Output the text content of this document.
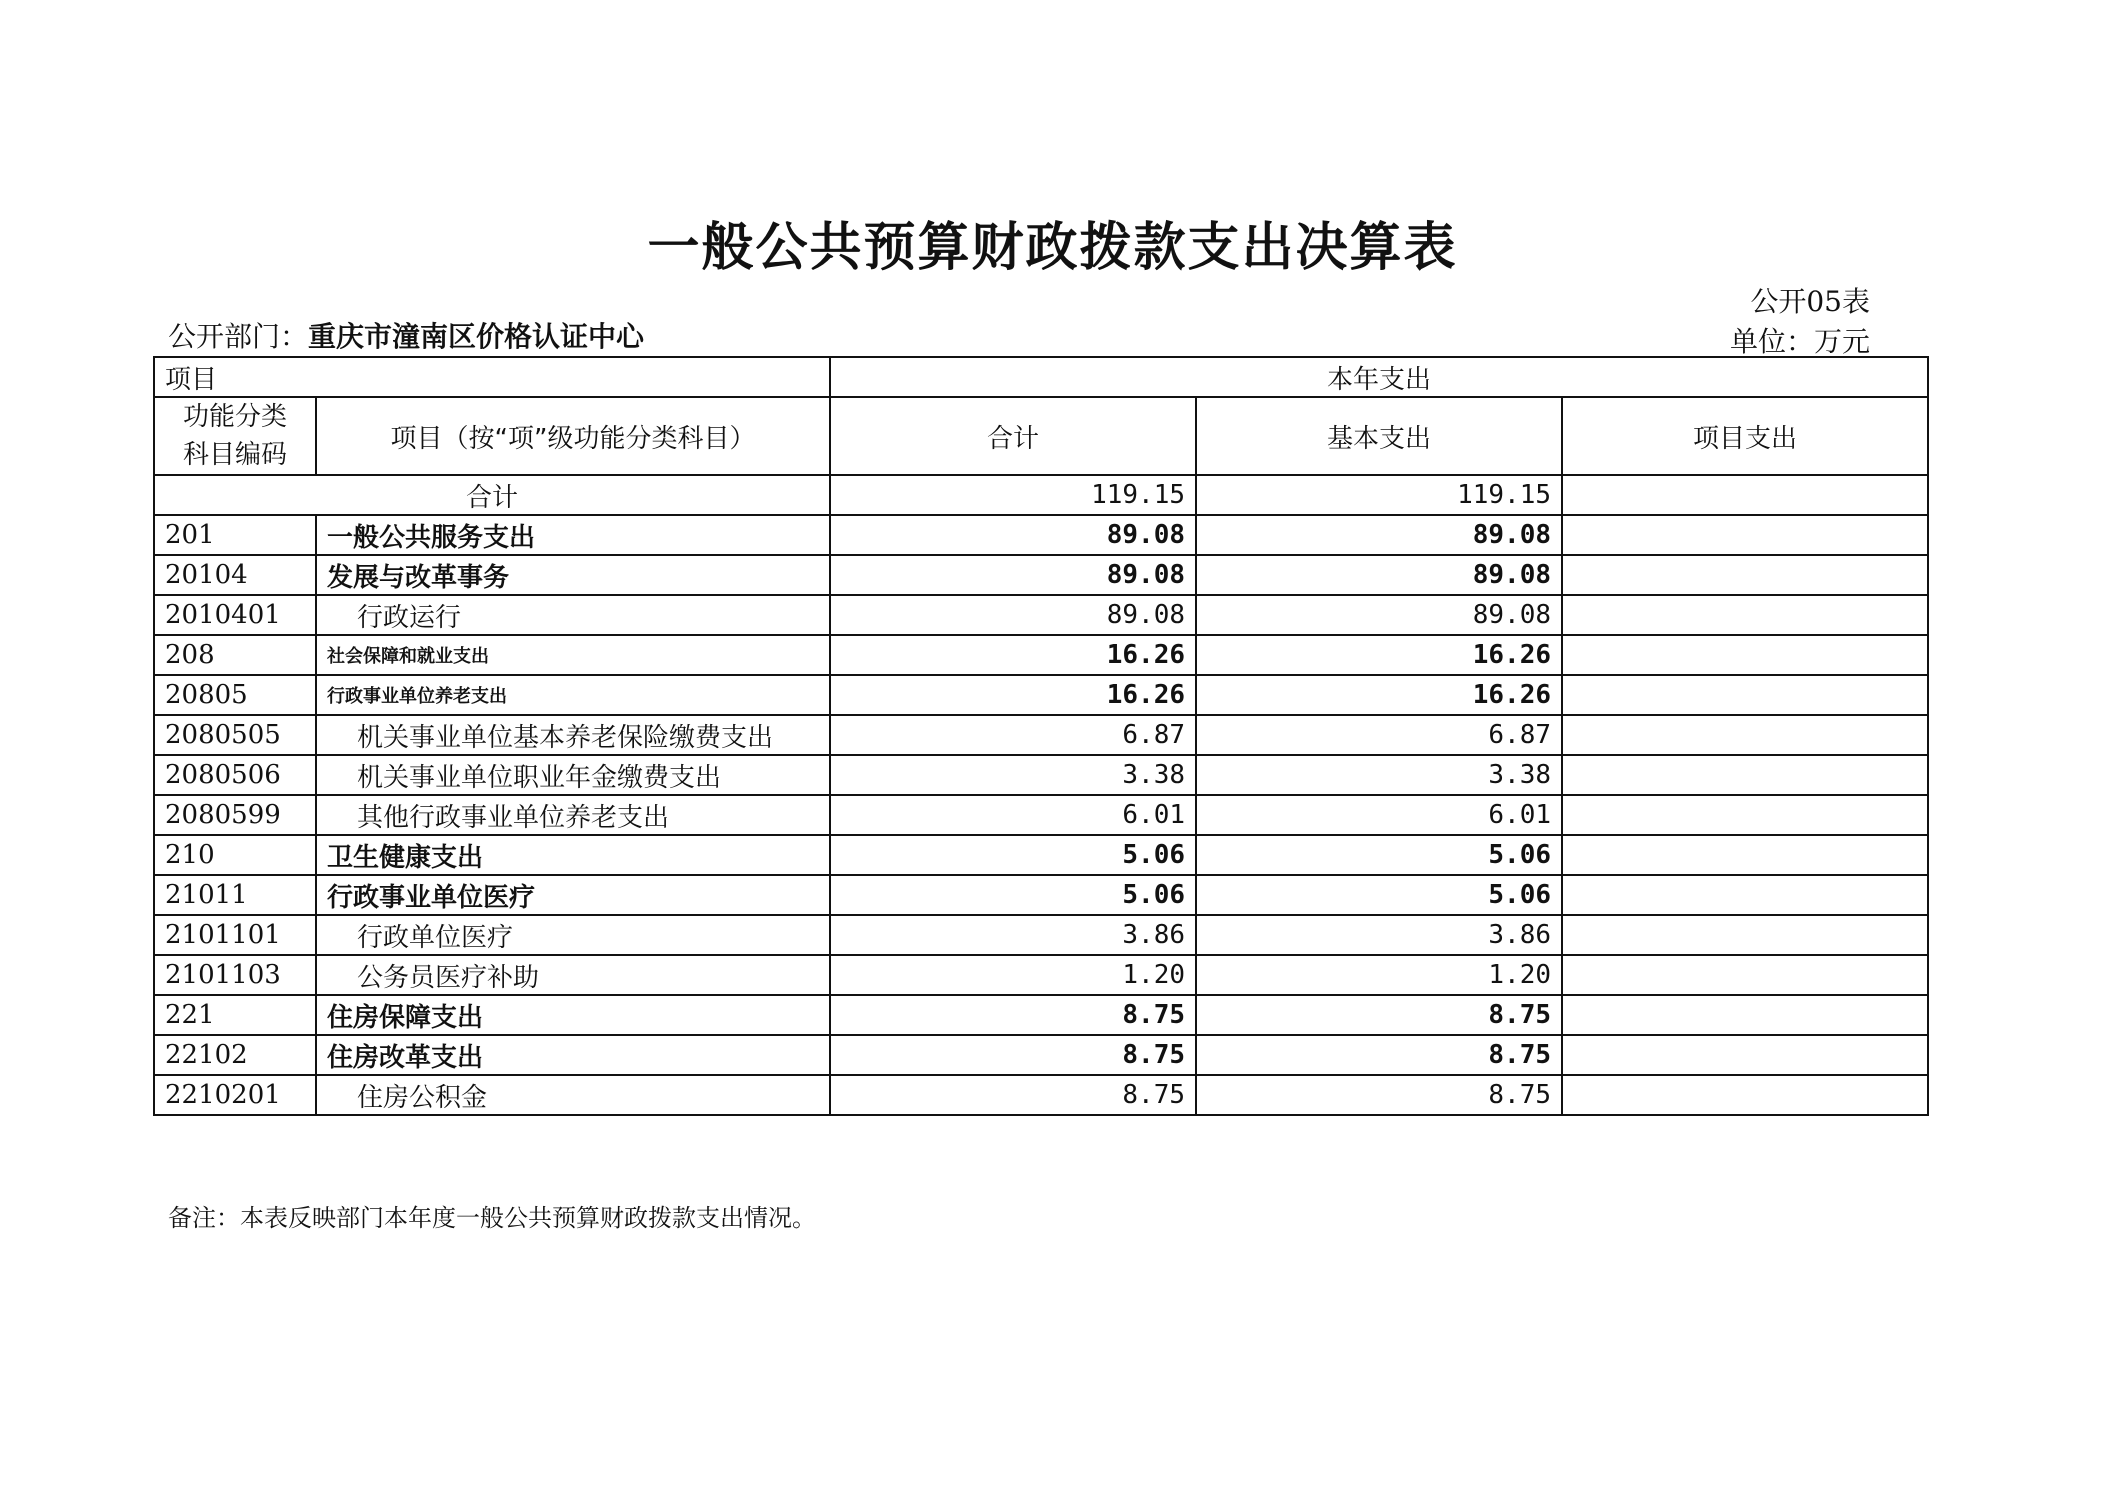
一般公共预算财政拨款支出决算表
公开05表
单位：万元
公开部门：重庆市潼南区价格认证中心
项目		本年支出		
功能分类科目编码	项目（按“项”级功能分类科目）	合计	基本支出	项目支出
合计		119.15	119.15	
201	一般公共服务支出	89.08	89.08	
20104	发展与改革事务	89.08	89.08	
2010401	行政运行	89.08	89.08	
208	社会保障和就业支出	16.26	16.26	
20805	行政事业单位养老支出	16.26	16.26	
2080505	机关事业单位基本养老保险缴费支出	6.87	6.87	
2080506	机关事业单位职业年金缴费支出	3.38	3.38	
2080599	其他行政事业单位养老支出	6.01	6.01	
210	卫生健康支出	5.06	5.06	
21011	行政事业单位医疗	5.06	5.06	
2101101	行政单位医疗	3.86	3.86	
2101103	公务员医疗补助	1.20	1.20	
221	住房保障支出	8.75	8.75	
22102	住房改革支出	8.75	8.75	
2210201	住房公积金	8.75	8.75	
备注：本表反映部门本年度一般公共预算财政拨款支出情况。
